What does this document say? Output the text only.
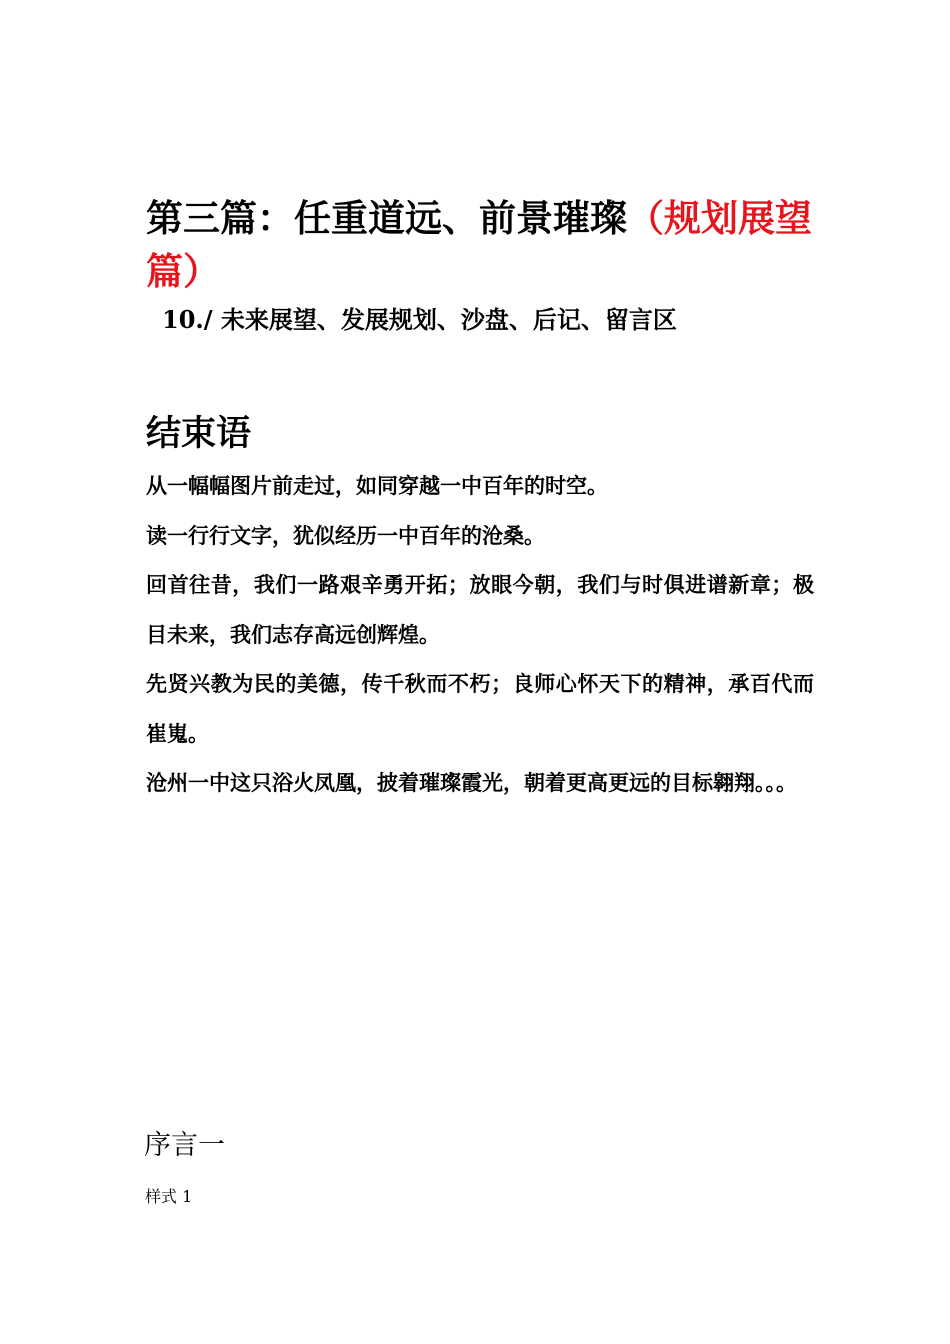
第三篇：任重道远、前景璀璨（规划展望篇）
10./ 未来展望、发展规划、沙盘、后记、留言区
结束语

从一幅幅图片前走过，如同穿越一中百年的时空。

读一行行文字，犹似经历一中百年的沧桑。

回首往昔，我们一路艰辛勇开拓；放眼今朝，我们与时俱进谱新章；极目未来，我们志存高远创辉煌。

先贤兴教为民的美德，传千秋而不朽；良师心怀天下的精神，承百代而崔嵬。

沧州一中这只浴火凤凰，披着璀璨霞光，朝着更高更远的目标翱翔。。。

序言一

样式 1
